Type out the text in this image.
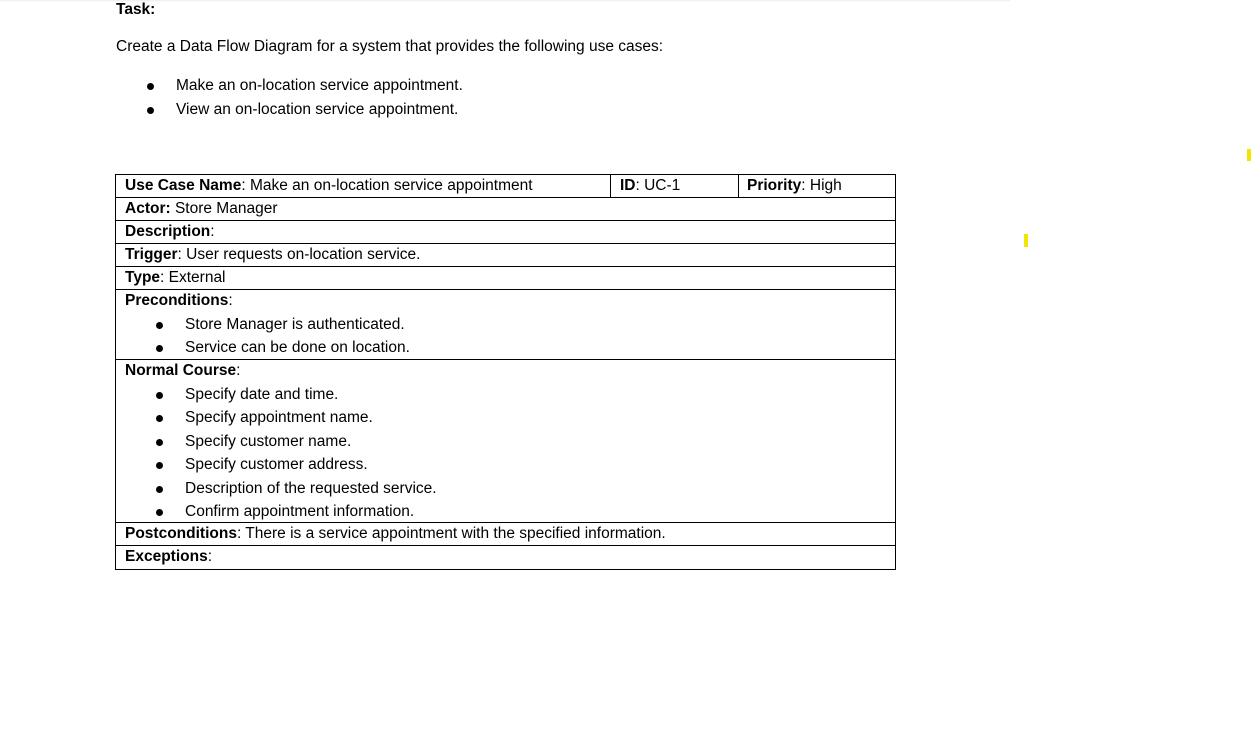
Task:
Create a Data Flow Diagram for a system that provides the following use cases:
Make an on-location service appointment.
View an on-location service appointment.
Use Case Name: Make an on-location service appointment	ID: UC-1	Priority: High
Actor: Store Manager
Description:
Trigger: User requests on-location service.
Type: External
Preconditions:
Store Manager is authenticated.
Service can be done on location.
Normal Course:
Specify date and time.
Specify appointment name.
Specify customer name.
Specify customer address.
Description of the requested service.
Confirm appointment information.
Postconditions: There is a service appointment with the specified information.
Exceptions:
